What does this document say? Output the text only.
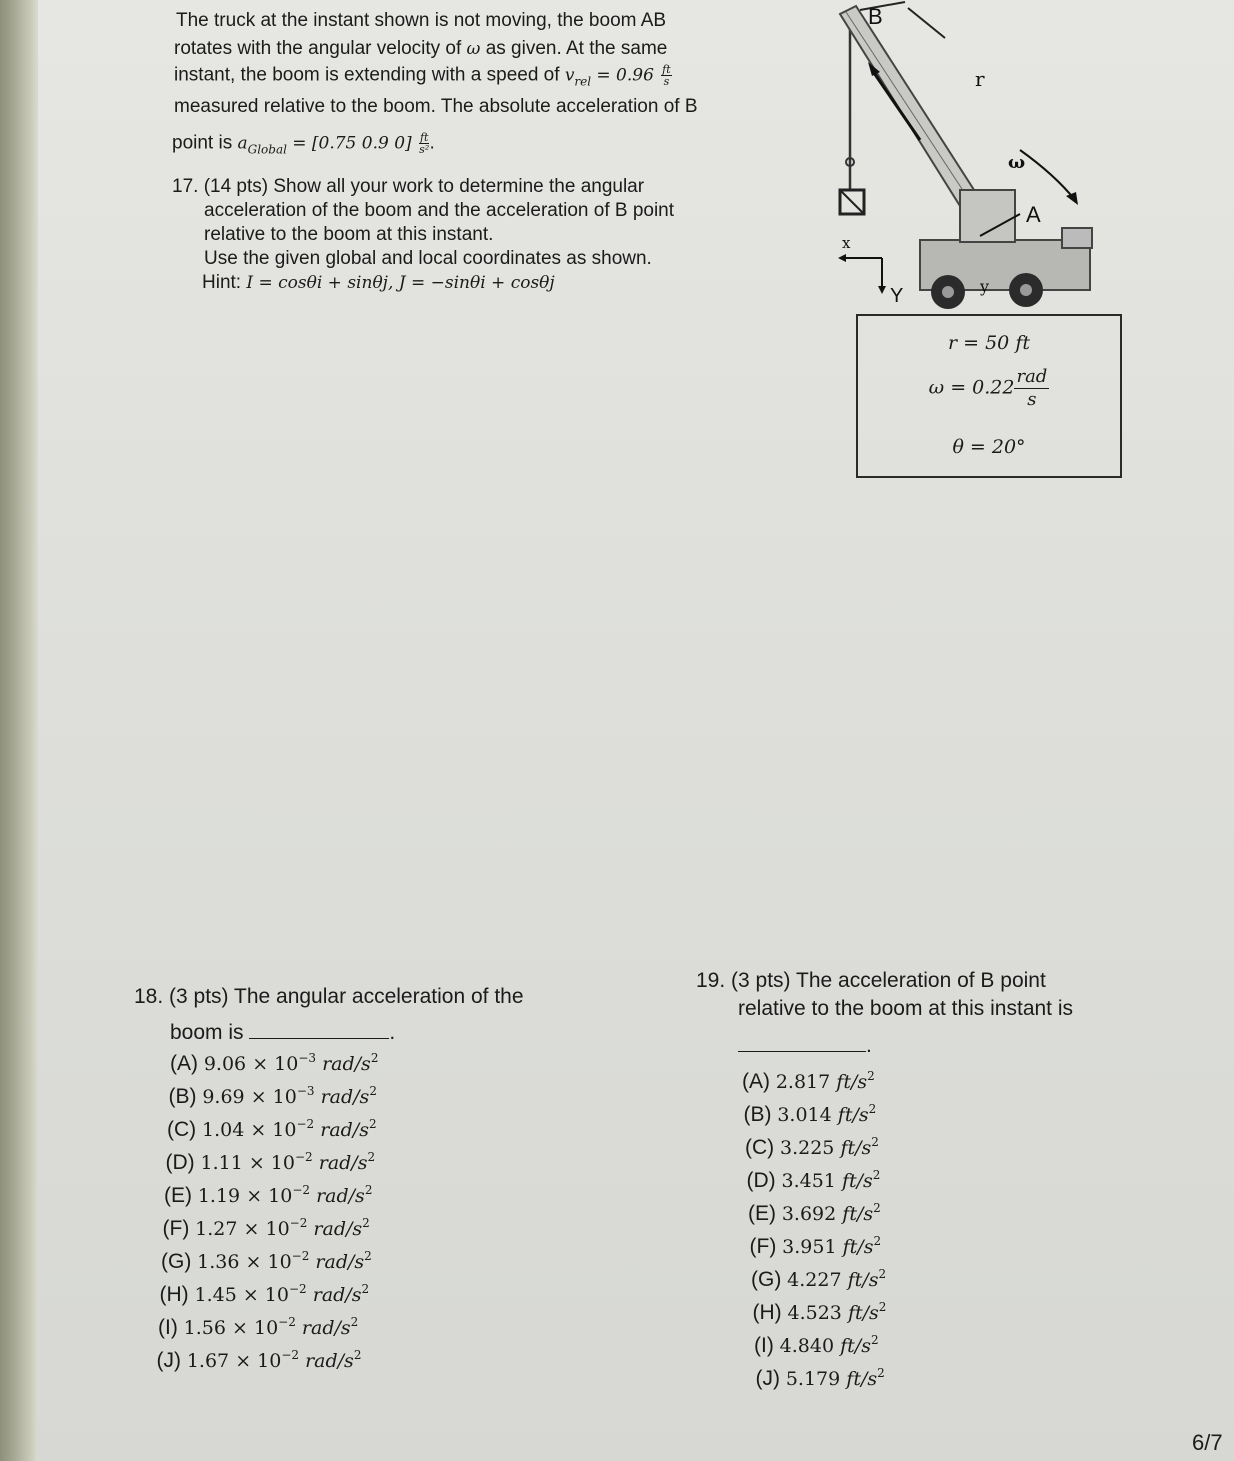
The truck at the instant shown is not moving, the boom AB
rotates with the angular velocity of ω as given. At the same
instant, the boom is extending with a speed of $v_{rel} = 0.96 \frac{ft}{s}$
measured relative to the boom. The absolute acceleration of B
point is $a_{Global} = [0.75$ 0.9 $0] \frac{ft}{\text{s²}}$ .
17. (14 pts) Show all your work to determine the angular
acceleration of the boom and the acceleration of B point
relative to the boom at this instant.
Use the given global and local coordinates as shown.
Hint: I = cosθi + sinθj, J = −sinθi + cosθj
B
r
ω
A
x
Y	y
r = 50 ft
$\omega = 0.22 \frac{\text{rad}}{s}$
θ = 20°
18. (3 pts) The angular acceleration of the
boom is	.
(A) $9.06 \times 10^{-3}$ rad/$s^2$
(B) $9.69 \times 10^{-3}$ rad/$s^2$
(C) $1.04 \times 10^{-2}$ rad/$s^2$
(D) $1.11 \times 10^{-2}$ rad/$s^2$
(E) $1.19 \times 10^{-2}$ rad/$s^2$
(F) $1.27 \times 10^{-2}$ rad/$s^2$
(G) $1.36 \times 10^{-2}$ rad/$s^2$
(H) $1.45 \times 10^{-2}$ rad/$s^2$
(I) $1.56 \times 10^{-2}$ rad/$s^2$
(J) $1.67 \times 10^{-2}$ rad/$s^2$
19. (3 pts) The acceleration of B point
relative to the boom at this instant is
.
(A) 2.817 $ft/s^2$
(B) 3.014 $ft/s^2$
(C) 3.225 $ft/s^2$
(D) 3.451 $ft/s^2$
(E) 3.692 $ft/s^2$
(F) 3.951 $ft/s^2$
(G) 4.227 $ft/s^2$
(H) 4.523 $ft/s^2$
(I) 4.840 $ft/s^2$
(J) 5.179 $ft/s^2$
6/7
